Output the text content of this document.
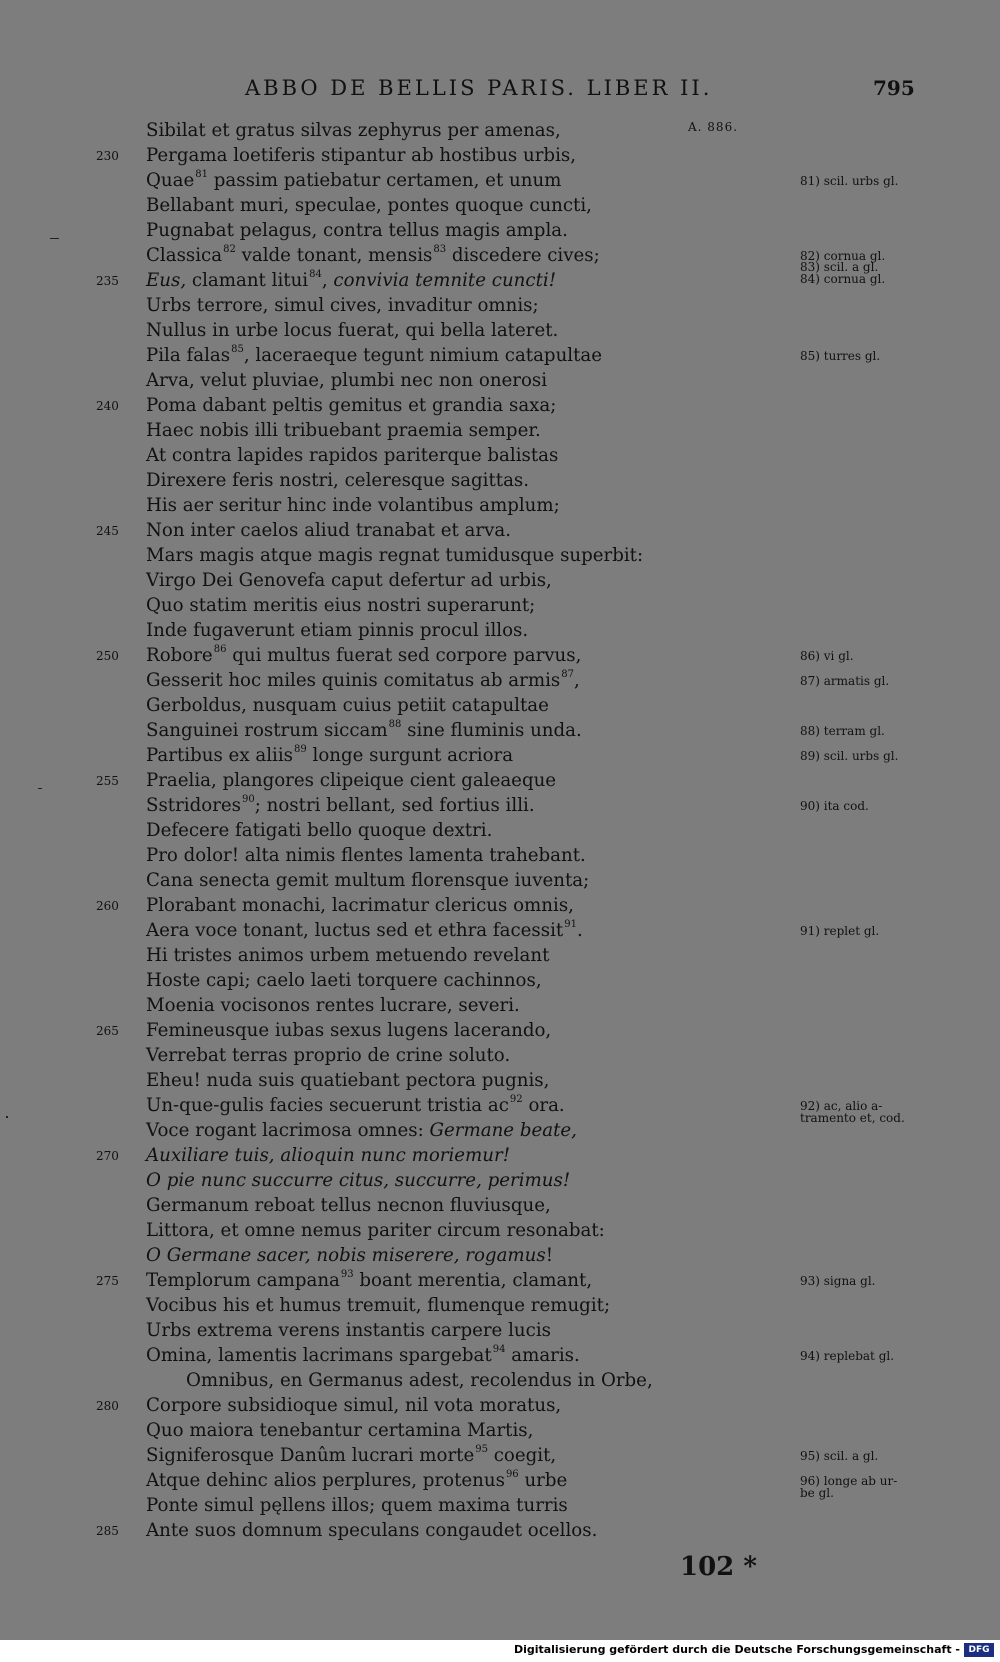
ABBO DE BELLIS PARIS. LIBER II.	795
A. 886.
Sibilat et gratus silvas zephyrus per amenas,
230	Pergama loetiferis stipantur ab hostibus urbis,
Quae$^{81}$ passim patiebatur certamen, et unum
Bellabant muri, speculae, pontes quoque cuncti,
Pugnabat pelagus, contra tellus magis ampla.
Classica$^{82}$ valde tonant, mensis$^{83}$ discedere cives;
235	Eus, clamant litui$^{84}$, convivia temnite cuncti!
Urbs terrore, simul cives, invaditur omnis;
Nullus in urbe locus fuerat, qui bella lateret.
Pila falas$^{85}$, laceraeque tegunt nimium catapultae
Arva, velut pluviae, plumbi nec non onerosi
240	Poma dabant peltis gemitus et grandia saxa;
Haec nobis illi tribuebant praemia semper.
At contra lapides rapidos pariterque balistas
Direxere feris nostri, celeresque sagittas.
His aer seritur hinc inde volantibus amplum;
245	Non inter caelos aliud tranabat et arva.
Mars magis atque magis regnat tumidusque superbit:
Virgo Dei Genovefa caput defertur ad urbis,
Quo statim meritis eius nostri superarunt;
Inde fugaverunt etiam pinnis procul illos.
250	Robore$^{86}$ qui multus fuerat sed corpore parvus,
Gesserit hoc miles quinis comitatus ab armis$^{87}$,
Gerboldus, nusquam cuius petiit catapultae
Sanguinei rostrum siccam$^{88}$ sine fluminis unda.
Partibus ex aliis$^{89}$ longe surgunt acriora
255	Praelia, plangores clipeique cient galeaeque
Sstridores$^{90}$; nostri bellant, sed fortius illi.
Defecere fatigati bello quoque dextri.
Pro dolor! alta nimis flentes lamenta trahebant.
Cana senecta gemit multum florensque iuventa;
260	Plorabant monachi, lacrimatur clericus omnis,
Aera voce tonant, luctus sed et ethra facessit$^{91}$.
Hi tristes animos urbem metuendo revelant
Hoste capi; caelo laeti torquere cachinnos,
Moenia vocisonos rentes lucrare, severi.
265	Femineusque iubas sexus lugens lacerando,
Verrebat terras proprio de crine soluto.
Eheu! nuda suis quatiebant pectora pugnis,
Un-que-gulis facies secuerunt tristia $ac^{92}$ ora.
Voce rogant lacrimosa omnes: Germane beate,
270	Auxiliare tuis, alioquin nunc moriemur!
O pie nunc succurre citus, succurre, perimus!
Germanum reboat tellus necnon fluviusque,
Littora, et omne nemus pariter circum resonabat:
O Germane sacer, nobis miserere, rogamus!
275	Templorum campana$^{93}$ boant merentia, clamant,
Vocibus his et humus tremuit, flumenque remugit;
Urbs extrema verens instantis carpere lucis
Omina, lamentis lacrimans spargebat$^{94}$ amaris.
Omnibus, en Germanus adest, recolendus in Orbe,
280	Corpore subsidioque simul, nil vota moratus,
Quo maiora tenebantur certamina Martis,
Signiferosque Danûm lucrari morte$^{95}$ coegit,
Atque dehinc alios perplures, protenus$^{96}$ urbe
Ponte simul pęllens illos; quem maxima turris
285	Ante suos domnum speculans congaudet ocellos.
81) scil. urbs gl.
82) cornua gl.
83) scil. a gl.
84) cornua gl.
85) turres gl.
86) vi gl.
87) armatis gl.
88) terram gl.
89) scil. urbs gl.
90) ita cod.
91) replet gl.
92) ac, alio a-
tramento et, cod.
93) signa gl.
94) replebat gl.
95) scil. a gl.
96) longe ab ur-
be gl.
102 *
Digitalisierung gefördert durch die Deutsche Forschungsgemeinschaft - DFG
